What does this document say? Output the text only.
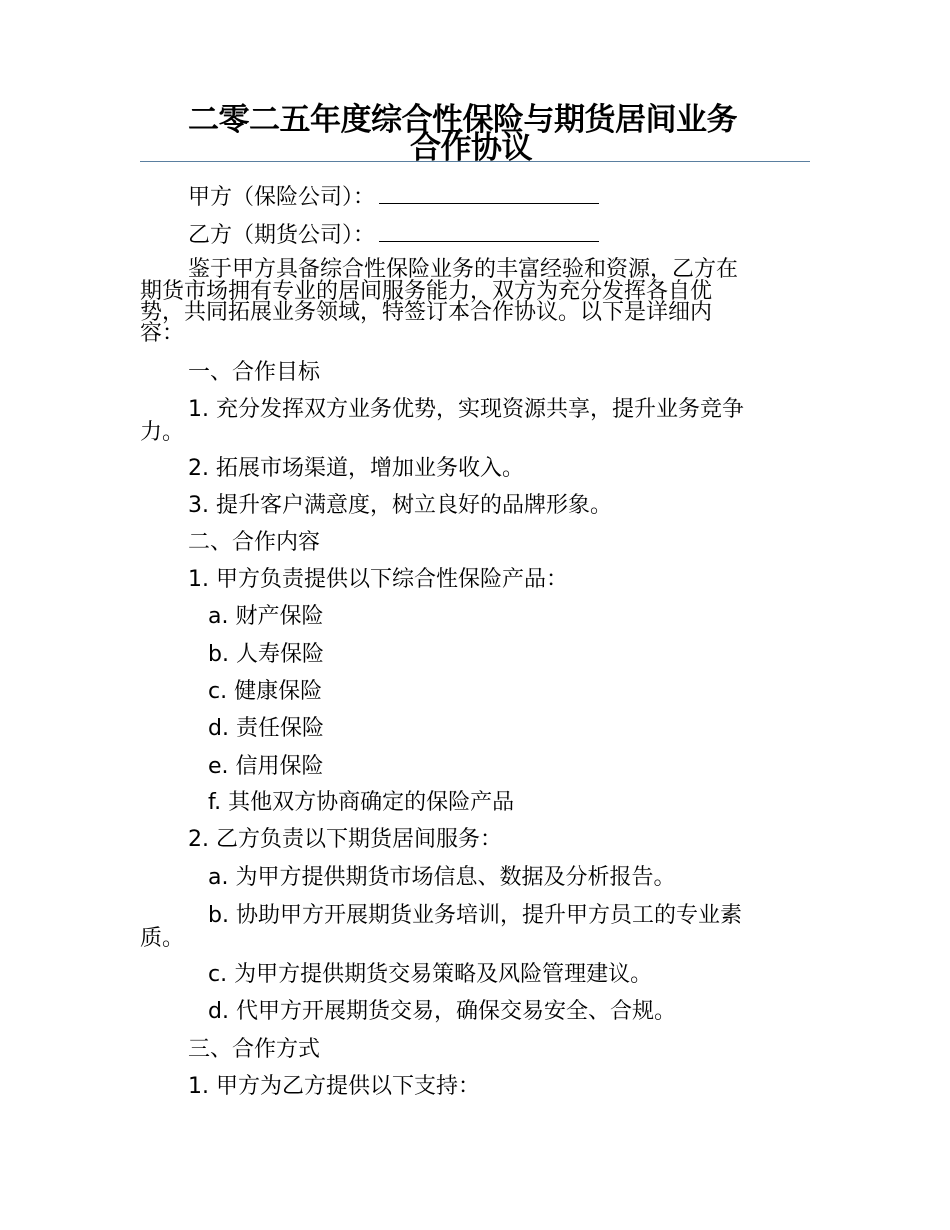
二零二五年度综合性保险与期货居间业务
合作协议
甲方（保险公司）：
乙方（期货公司）：
鉴于甲方具备综合性保险业务的丰富经验和资源，乙方在
期货市场拥有专业的居间服务能力，双方为充分发挥各自优
势，共同拓展业务领域，特签订本合作协议。以下是详细内
容：
一、合作目标
1. 充分发挥双方业务优势，实现资源共享，提升业务竞争
力。
2. 拓展市场渠道，增加业务收入。
3. 提升客户满意度，树立良好的品牌形象。
二、合作内容
1. 甲方负责提供以下综合性保险产品：
a. 财产保险
b. 人寿保险
c. 健康保险
d. 责任保险
e. 信用保险
f. 其他双方协商确定的保险产品
2. 乙方负责以下期货居间服务：
a. 为甲方提供期货市场信息、数据及分析报告。
b. 协助甲方开展期货业务培训，提升甲方员工的专业素
质。
c. 为甲方提供期货交易策略及风险管理建议。
d. 代甲方开展期货交易，确保交易安全、合规。
三、合作方式
1. 甲方为乙方提供以下支持：
